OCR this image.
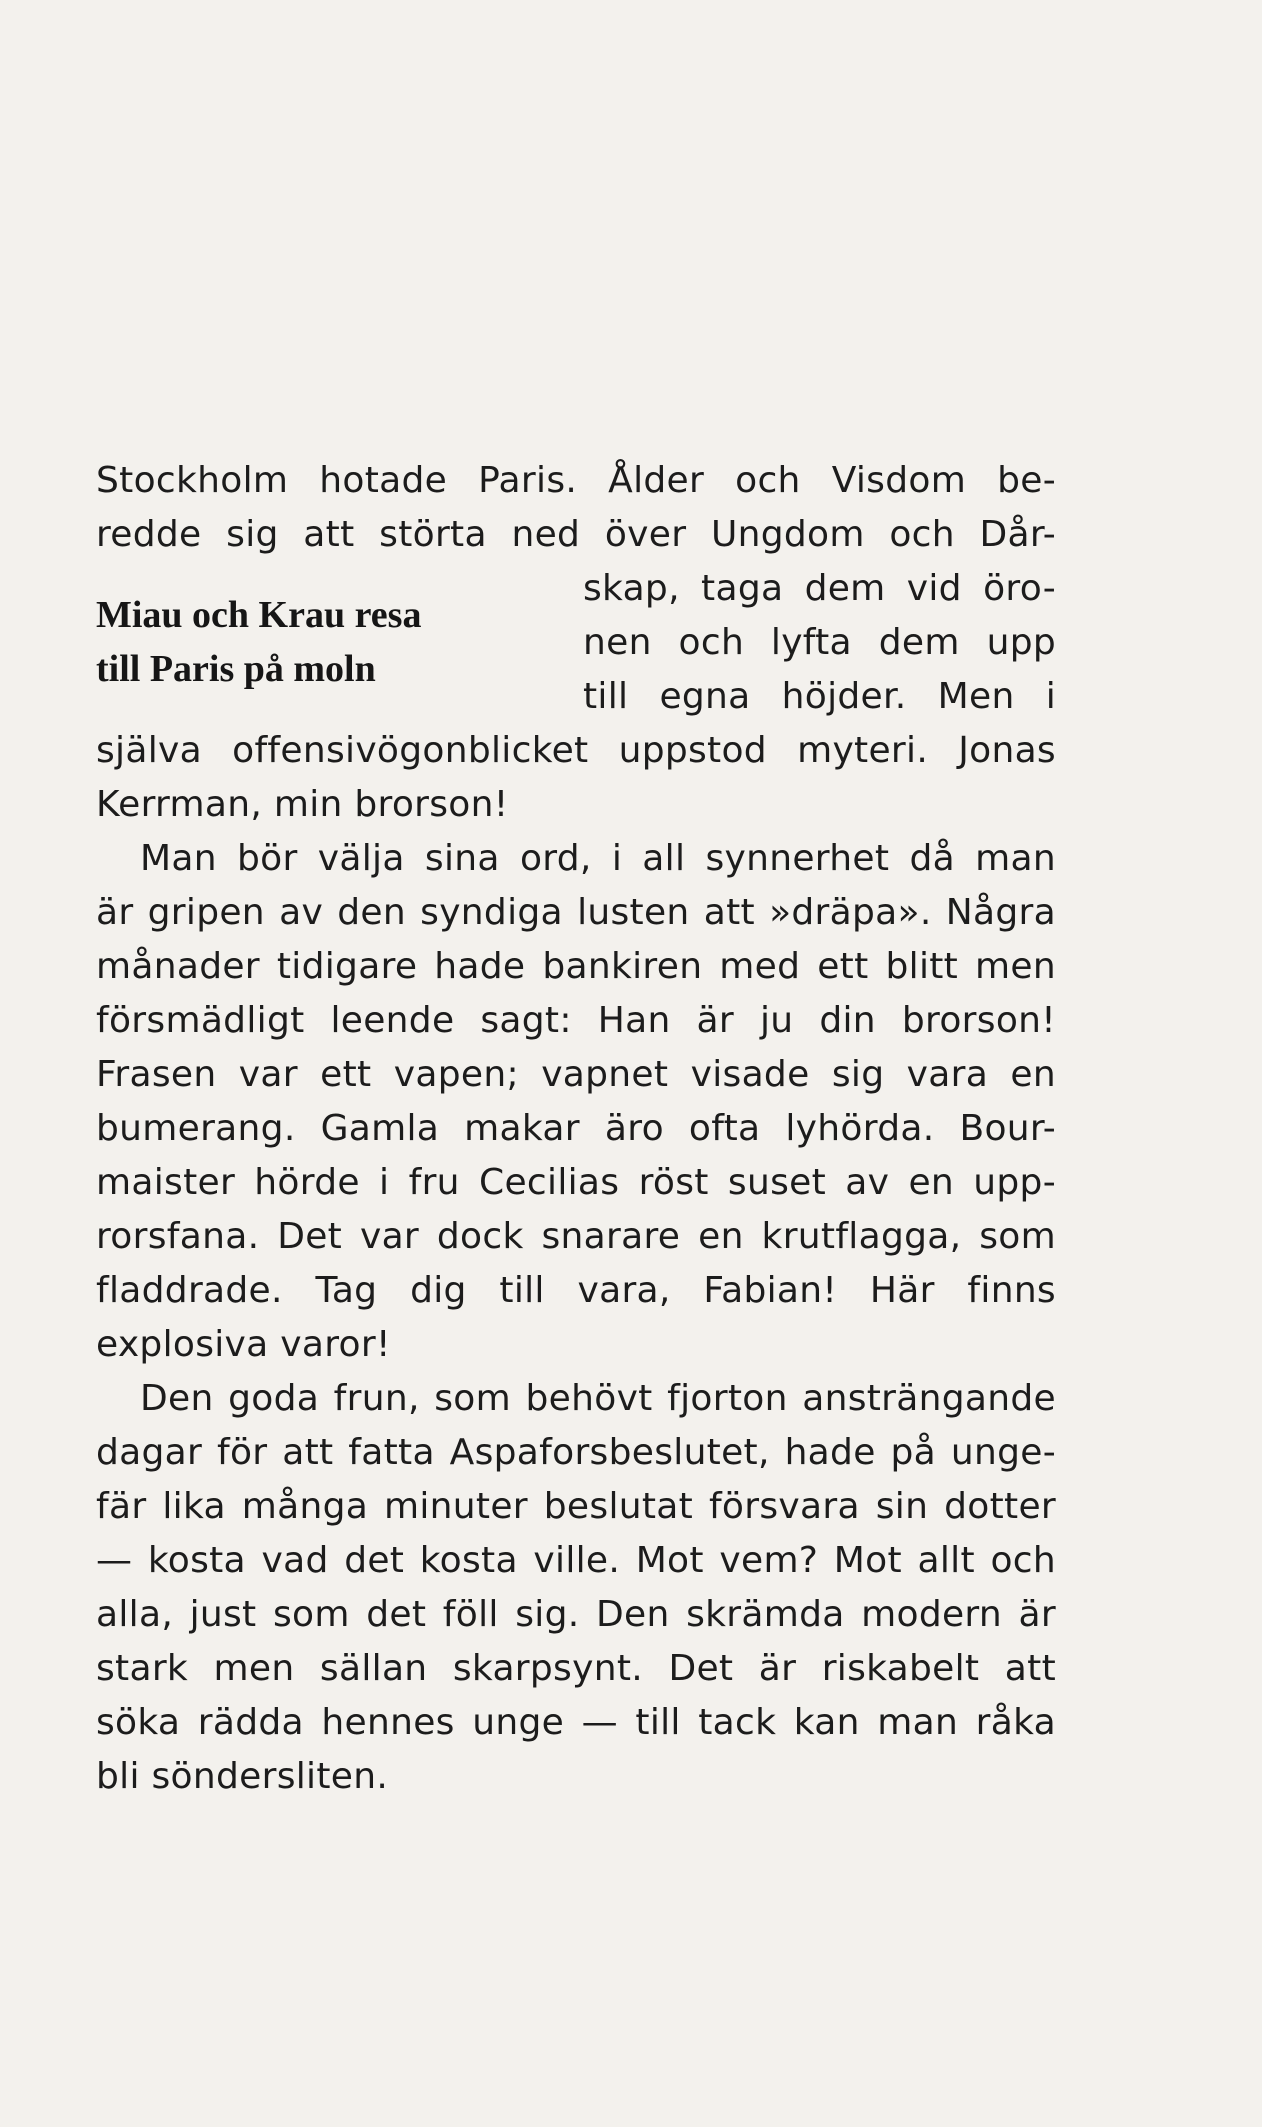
Miau och Krau resa
till Paris på moln
Stockholm hotade Paris. Ålder och Visdom be-
redde sig att störta ned över Ungdom och Dår-
skap, taga dem vid öro-
nen och lyfta dem upp
till egna höjder. Men i
själva offensivögonblicket uppstod myteri. Jonas
Kerrman, min brorson!
Man bör välja sina ord, i all synnerhet då man
är gripen av den syndiga lusten att »dräpa». Några
månader tidigare hade bankiren med ett blitt men
försmädligt leende sagt: Han är ju din brorson!
Frasen var ett vapen; vapnet visade sig vara en
bumerang. Gamla makar äro ofta lyhörda. Bour-
maister hörde i fru Cecilias röst suset av en upp-
rorsfana. Det var dock snarare en krutflagga, som
fladdrade. Tag dig till vara, Fabian! Här finns
explosiva varor!
Den goda frun, som behövt fjorton ansträngande
dagar för att fatta Aspaforsbeslutet, hade på unge-
fär lika många minuter beslutat försvara sin dotter
— kosta vad det kosta ville. Mot vem? Mot allt och
alla, just som det föll sig. Den skrämda modern är
stark men sällan skarpsynt. Det är riskabelt att
söka rädda hennes unge — till tack kan man råka
bli söndersliten.
